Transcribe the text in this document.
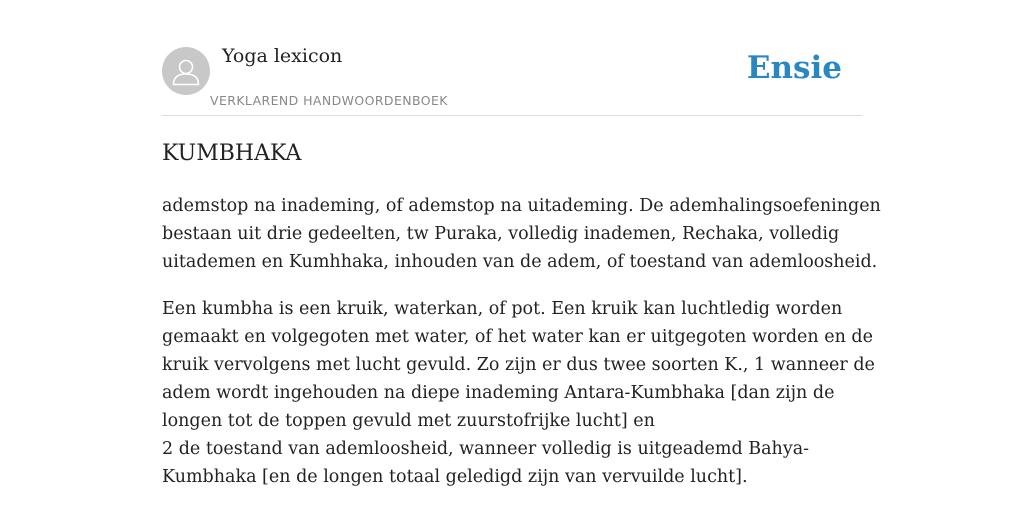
Yoga lexicon
VERKLAREND HANDWOORDENBOEK
Ensie
KUMBHAKA

ademstop na inademing, of ademstop na uitademing. De ademhalingsoefeningen
bestaan uit drie gedeelten, tw Puraka, volledig inademen, Rechaka, volledig
uitademen en Kumhhaka, inhouden van de adem, of toestand van ademloosheid.

Een kumbha is een kruik, waterkan, of pot. Een kruik kan luchtledig worden
gemaakt en volgegoten met water, of het water kan er uitgegoten worden en de
kruik vervolgens met lucht gevuld. Zo zijn er dus twee soorten K., 1 wanneer de
adem wordt ingehouden na diepe inademing Antara-Kumbhaka [dan zijn de
longen tot de toppen gevuld met zuurstofrijke lucht] en
2 de toestand van ademloosheid, wanneer volledig is uitgeademd Bahya-
Kumbhaka [en de longen totaal geledigd zijn van vervuilde lucht].
